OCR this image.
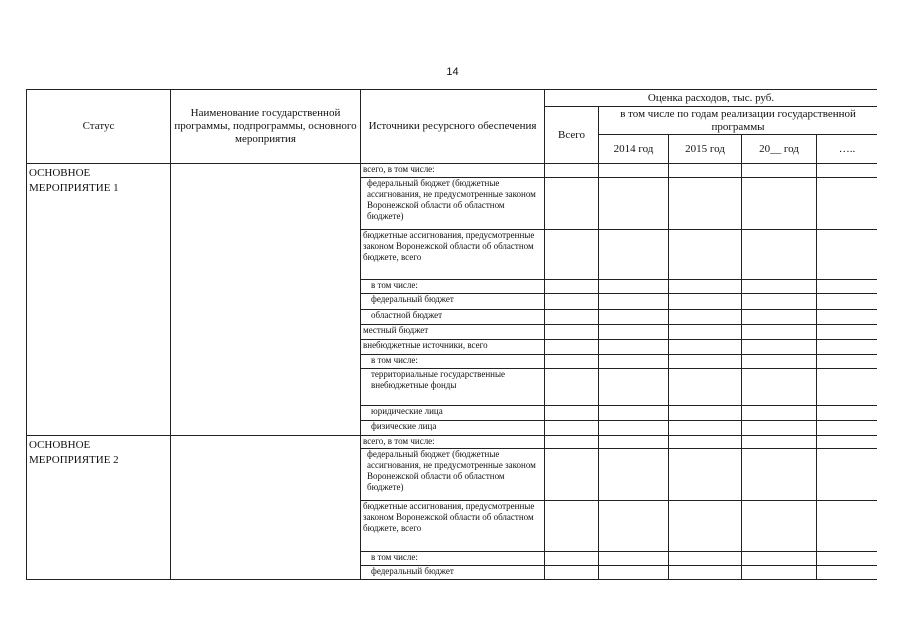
14
Статус	Наименование государственной программы, подпрограммы, основного мероприятия	Источники ресурсного обеспечения	Оценка расходов, тыс. руб.				
			Всего	в том числе по годам реализации государственной программы			
				2014 год	2015 год	20__ год	…..
ОСНОВНОЕ МЕРОПРИЯТИЕ 1		всего, в том числе:					
		федеральный бюджет (бюджетные ассигнования, не предусмотренные законом Воронежской области об областном бюджете)					
		бюджетные ассигнования, предусмотренные законом Воронежской области об областном бюджете, всего					
		в том числе:					
		федеральный бюджет					
		областной бюджет					
		местный бюджет					
		внебюджетные источники, всего					
		в том числе:					
		территориальные государственные внебюджетные фонды					
		юридические лица					
		физические лица					
ОСНОВНОЕ МЕРОПРИЯТИЕ 2		всего, в том числе:					
		федеральный бюджет (бюджетные ассигнования, не предусмотренные законом Воронежской области об областном бюджете)					
		бюджетные ассигнования, предусмотренные законом Воронежской области об областном бюджете, всего					
		в том числе:					
		федеральный бюджет					
